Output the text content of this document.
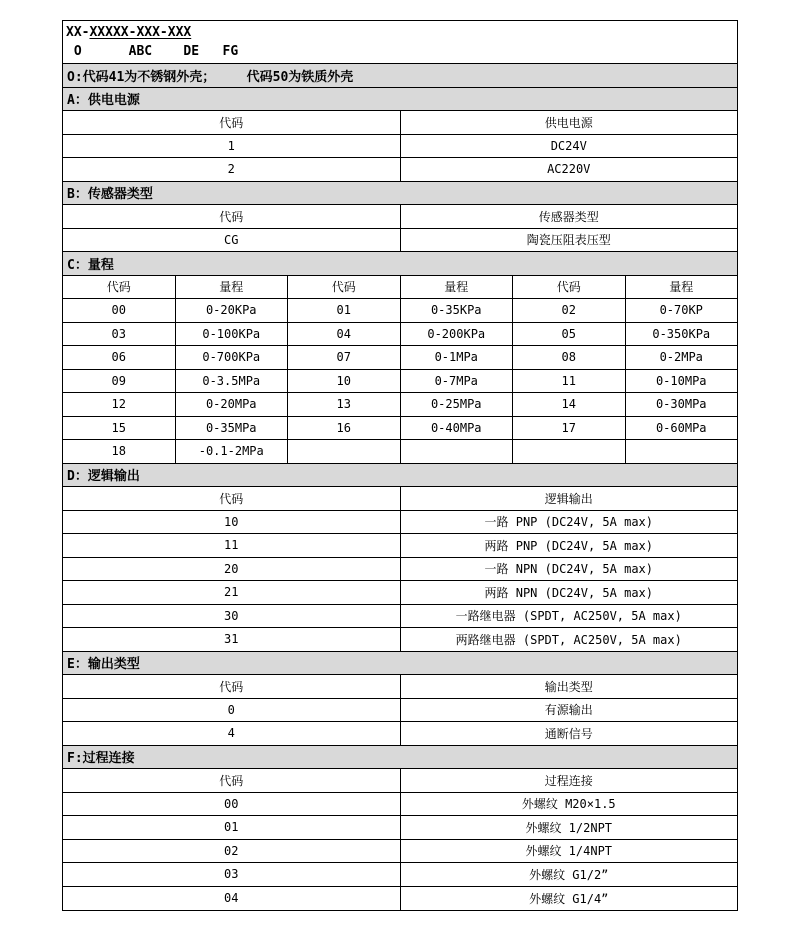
XX-XXXXX-XXX-XXX
O      ABC    DE   FG
O:代码41为不锈钢外壳；    代码50为铁质外壳
A：供电电源
代码	供电电源
1	DC24V
2	AC220V
B：传感器类型
代码	传感器类型
CG	陶瓷压阻表压型
C：量程
代码	量程	代码	量程	代码	量程
00	0-20KPa	01	0-35KPa	02	0-70KP
03	0-100KPa	04	0-200KPa	05	0-350KPa
06	0-700KPa	07	0-1MPa	08	0-2MPa
09	0-3.5MPa	10	0-7MPa	11	0-10MPa
12	0-20MPa	13	0-25MPa	14	0-30MPa
15	0-35MPa	16	0-40MPa	17	0-60MPa
18	-0.1-2MPa
D：逻辑输出
代码	逻辑输出
10	一路 PNP (DC24V, 5A max)
11	两路 PNP (DC24V, 5A max)
20	一路 NPN (DC24V, 5A max)
21	两路 NPN (DC24V, 5A max)
30	一路继电器 (SPDT, AC250V, 5A max)
31	两路继电器 (SPDT, AC250V, 5A max)
E：输出类型
代码	输出类型
0	有源输出
4	通断信号
F:过程连接
代码	过程连接
00	外螺纹 M20×1.5
01	外螺纹 1/2NPT
02	外螺纹 1/4NPT
03	外螺纹 G1/2”
04	外螺纹 G1/4”
